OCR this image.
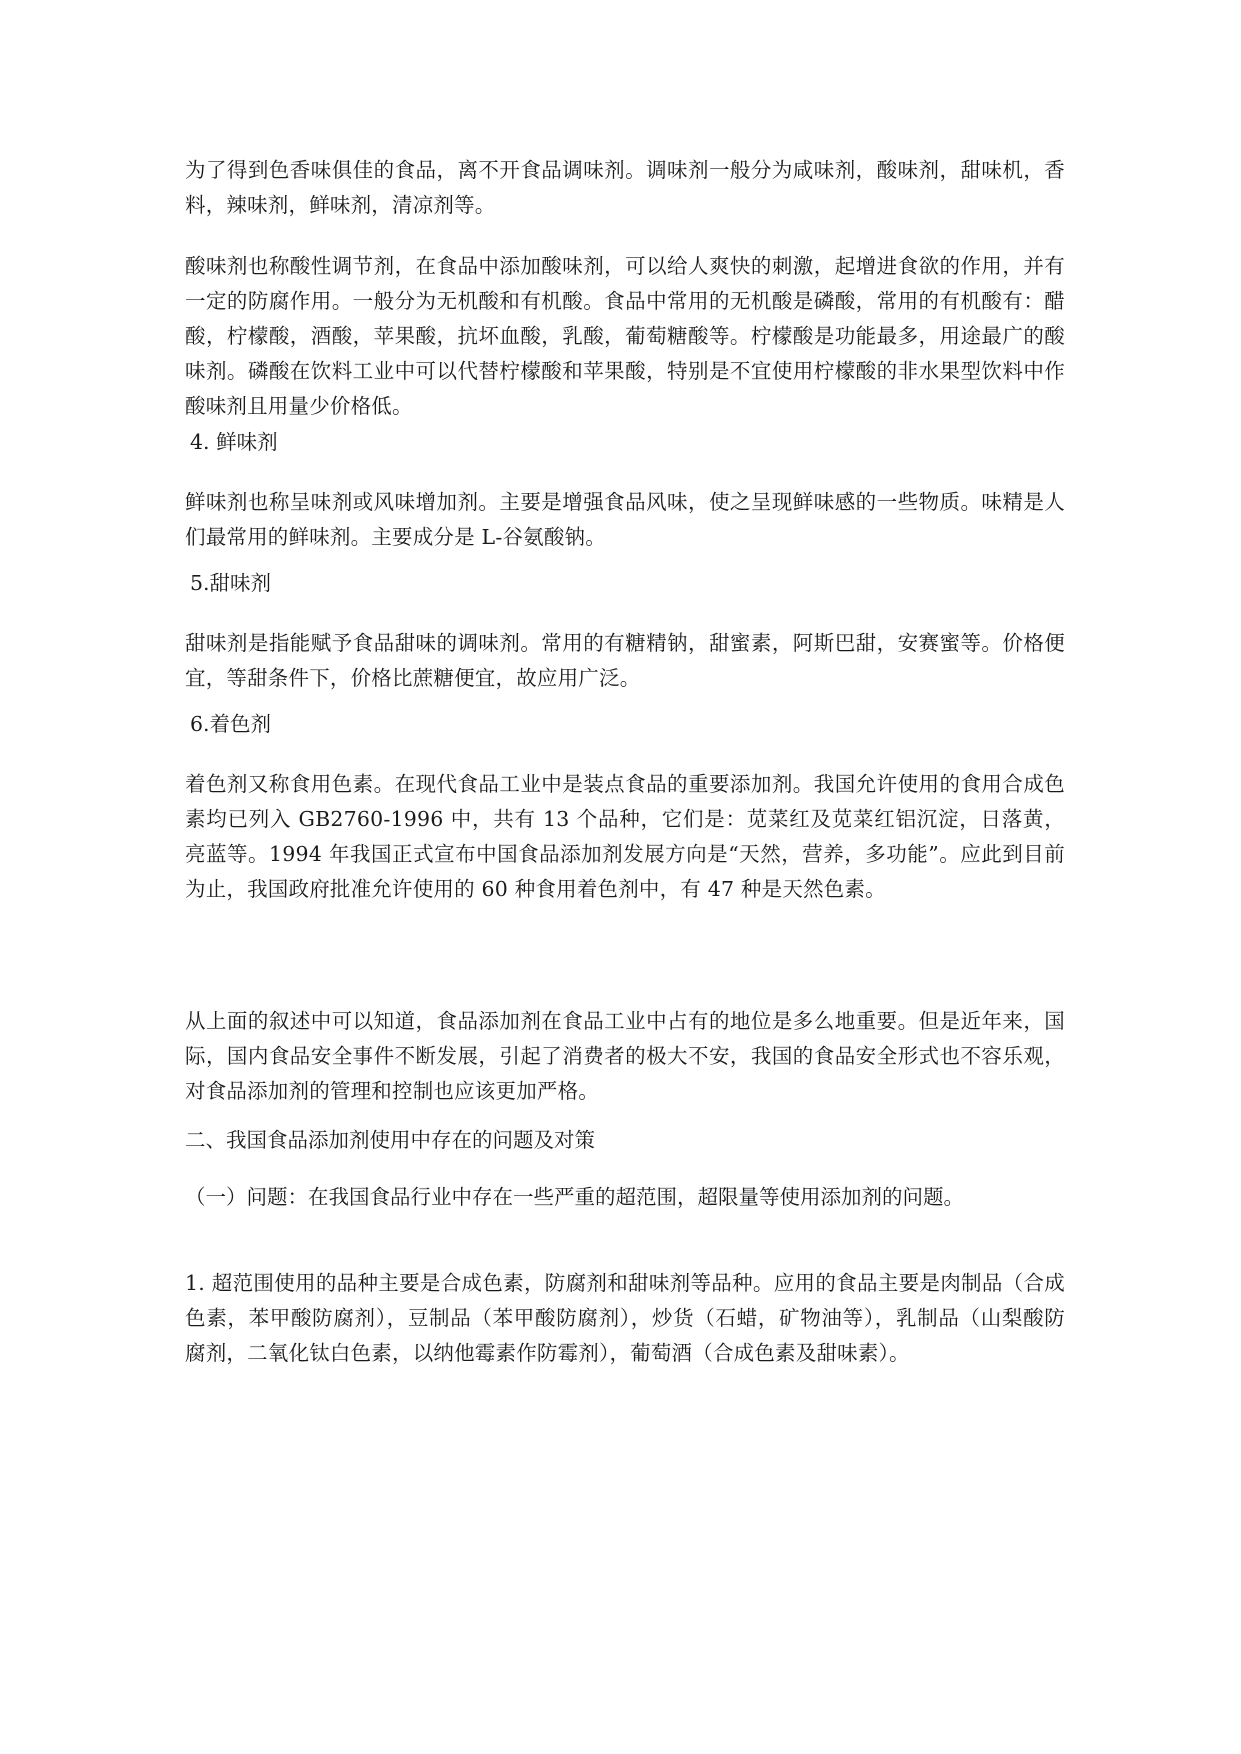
为了得到色香味俱佳的食品，离不开食品调味剂。调味剂一般分为咸味剂，酸味剂，甜味机，香料，辣味剂，鲜味剂，清凉剂等。

酸味剂也称酸性调节剂，在食品中添加酸味剂，可以给人爽快的刺激，起增进食欲的作用，并有一定的防腐作用。一般分为无机酸和有机酸。食品中常用的无机酸是磷酸，常用的有机酸有：醋酸，柠檬酸，酒酸，苹果酸，抗坏血酸，乳酸，葡萄糖酸等。柠檬酸是功能最多，用途最广的酸味剂。磷酸在饮料工业中可以代替柠檬酸和苹果酸，特别是不宜使用柠檬酸的非水果型饮料中作酸味剂且用量少价格低。

4. 鲜味剂

鲜味剂也称呈味剂或风味增加剂。主要是增强食品风味，使之呈现鲜味感的一些物质。味精是人们最常用的鲜味剂。主要成分是 L-谷氨酸钠。

5.甜味剂

甜味剂是指能赋予食品甜味的调味剂。常用的有糖精钠，甜蜜素，阿斯巴甜，安赛蜜等。价格便宜，等甜条件下，价格比蔗糖便宜，故应用广泛。

6.着色剂

着色剂又称食用色素。在现代食品工业中是装点食品的重要添加剂。我国允许使用的食用合成色素均已列入 GB2760-1996 中，共有 13 个品种，它们是：苋菜红及苋菜红铝沉淀，日落黄，亮蓝等。1994 年我国正式宣布中国食品添加剂发展方向是“天然，营养，多功能”。应此到目前为止，我国政府批准允许使用的 60 种食用着色剂中，有 47 种是天然色素。

从上面的叙述中可以知道，食品添加剂在食品工业中占有的地位是多么地重要。但是近年来，国际，国内食品安全事件不断发展，引起了消费者的极大不安，我国的食品安全形式也不容乐观，对食品添加剂的管理和控制也应该更加严格。

二、我国食品添加剂使用中存在的问题及对策

（一）问题：在我国食品行业中存在一些严重的超范围，超限量等使用添加剂的问题。

1. 超范围使用的品种主要是合成色素，防腐剂和甜味剂等品种。应用的食品主要是肉制品（合成色素，苯甲酸防腐剂），豆制品（苯甲酸防腐剂），炒货（石蜡，矿物油等），乳制品（山梨酸防腐剂，二氧化钛白色素，以纳他霉素作防霉剂），葡萄酒（合成色素及甜味素）。
